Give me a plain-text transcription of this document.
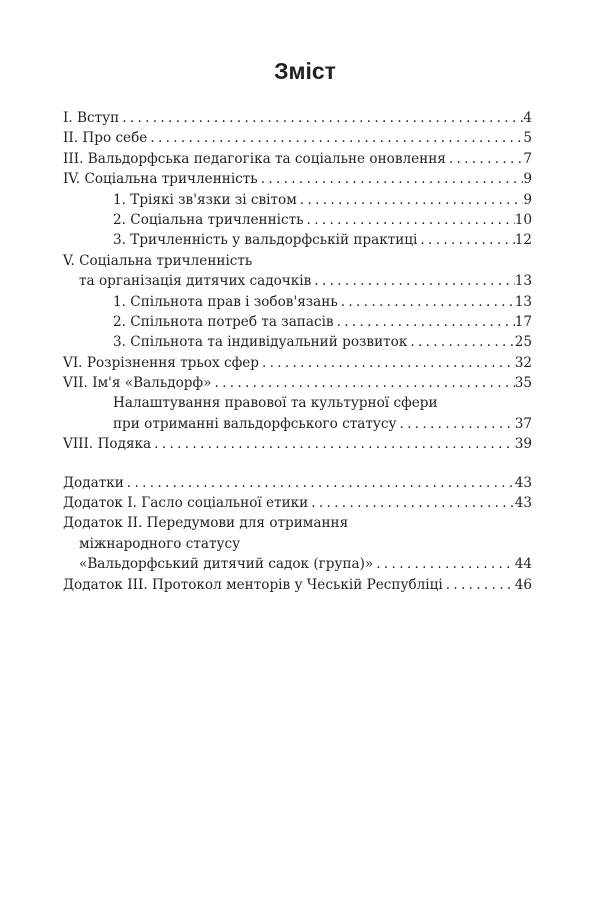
Зміст
І. Вступ . . .	4
ІІ. Про себе . . .	5
ІІІ. Вальдорфська педагогіка та соціальне оновлення . . .	7
IV. Соціальна тричленність . . .	9
1. Трiякі зв'язки зі світом . . .	9
2. Соціальна тричленність . . .	10
3. Тричленність у вальдорфській практиці . . .	12
V. Соціальна тричленність
та організація дитячих садочків . . .	13
1. Спільнота прав і зобов'язань . . .	13
2. Спільнота потреб та запасів . . .	17
3. Спільнота та індивідуальний розвиток . . .	25
VI. Розрізнення трьох сфер . . .	32
VII. Ім'я «Вальдорф» . . .	35
Налаштування правової та культурної сфери
при отриманні вальдорфського статусу . . .	37
VIII. Подяка . . .	39
Додатки . . .	43
Додаток І. Гасло соціальної етики . . .	43
Додаток ІІ. Передумови для отримання
міжнародного статусу
«Вальдорфський дитячий садок (група)» . . .	44
Додаток ІІІ. Протокол менторів у Чеській Республіці . . .	46
